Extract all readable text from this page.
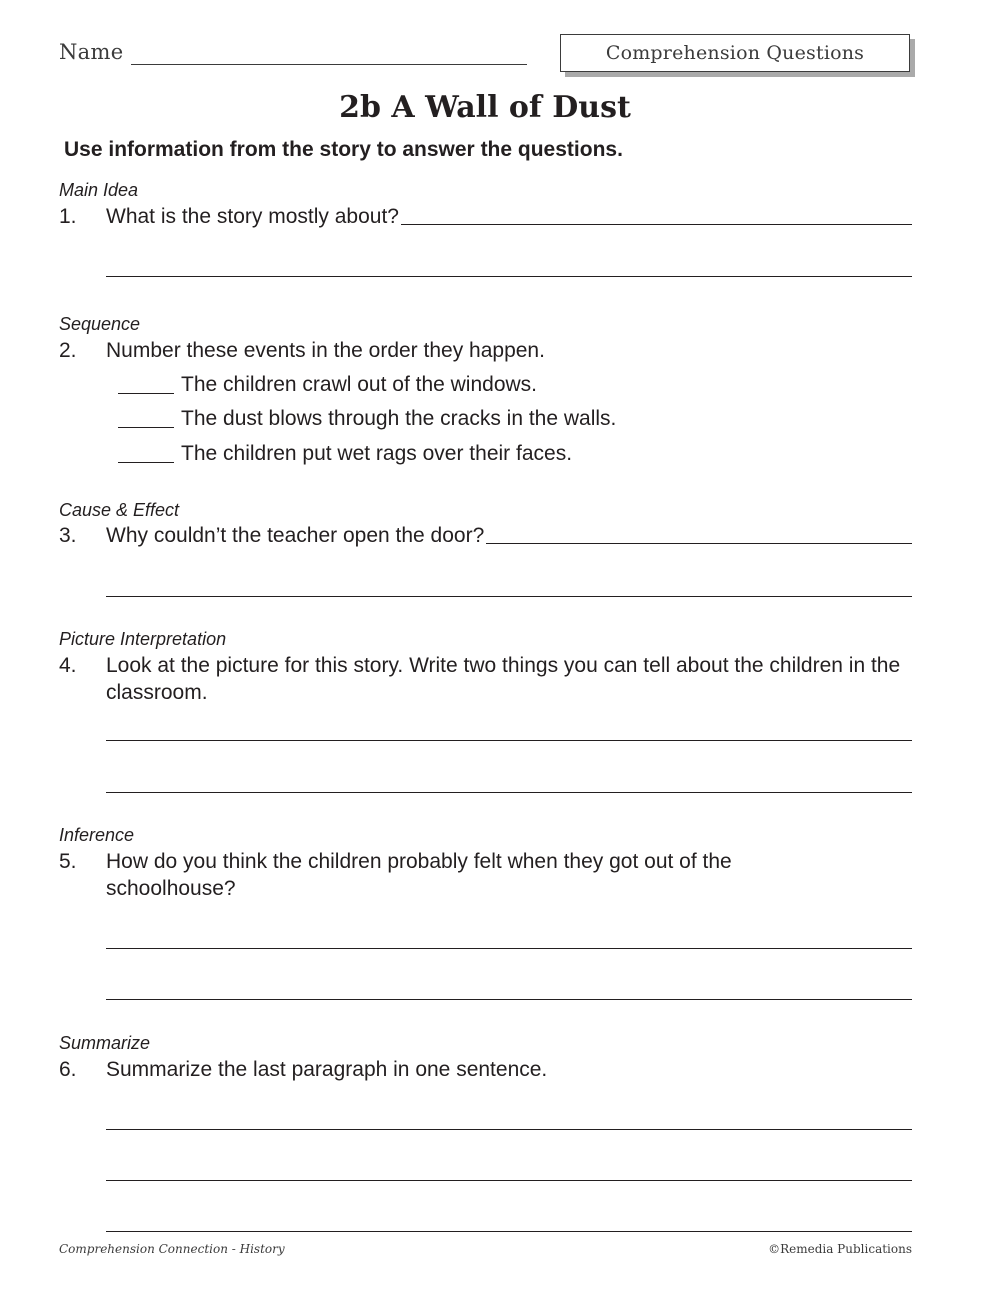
Name	Comprehension Questions
2b A Wall of Dust
Use information from the story to answer the questions.
Main Idea
1. What is the story mostly about?
Sequence
2. Number these events in the order they happen.
The children crawl out of the windows.
The dust blows through the cracks in the walls.
The children put wet rags over their faces.
Cause & Effect
3. Why couldn’t the teacher open the door?
Picture Interpretation
4. Look at the picture for this story. Write two things you can tell about the children in the classroom.
Inference
5. How do you think the children probably felt when they got out of the schoolhouse?
Summarize
6. Summarize the last paragraph in one sentence.
Comprehension Connection - History	©Remedia Publications
